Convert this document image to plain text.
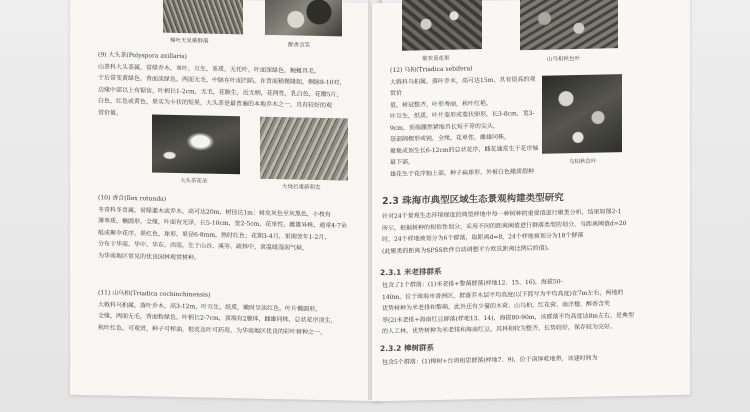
梯叶天星蕨群落
醉香含笑
(9) 大头茶(Polyspora axillaris)
山茶科大头茶属，常绿乔木，单叶，互生，革质，无托叶，叶面深绿色，蜿蜒具毛，
于后常变黄绿色，背面淡绿色，两面无毛，中脉在叶面凹陷，在背面稍微隆起，侧脉8-10对，
边缘中部以上有锯齿，叶柄长1-2cm，无毛，花腋生，近无柄，花两性，乳白色，花瓣5片，
白色，红色或黄色，果实为卡状的短果，大头茶是最普遍的本地乔木之一，具有较好的观
赏价值。
大头茶花朵
火烧后重新萌发
(10) 香合(Ilex rotunda)
冬青科冬青属，常绿灌木或乔木，高可达20m，树径达1m；树皮灰色至灰黑色，小枝有
薄革质，椭圆形，全缘，叶面有光泽，长5-10cm，宽2-5cm，花单性，雌雄异株，通常4-7朵
组成聚伞花序，果红色，球形，果径6-8mm，熟时红色；花期3-4月，果期翌年1-2月，
分布于华南、华中、华东、西南，生于山谷、溪旁、疏林中，喜温暖湿润气候，
为华南地区常见的优良园林观赏树种。
(11) 山乌桕(Triadica cochinchinensis)
大戟科乌桕属，落叶乔木，高3-12m，叶互生，纸质，嫩时呈淡红色，叶片椭圆形，
全缘，两面无毛，背面粉绿色，叶柄长2-7cm，顶端有2腺体，雌雄同株，总状花序顶生，
秋叶红色，可观赏，种子可榨油，根皮及叶可药用，为华南地区优良的彩叶树种之一。
猴欢喜花果	山乌桕秋色叶
(12) 乌桕(Triadica sebifera)
大戟科乌桕属，落叶乔木，高可达15m，具有很高的观赏价
值，树冠整齐，叶形秀丽，秋叶红艳，
叶互生，纸质，叶片菱形或菱状卵形，长3-8cm，宽3-9cm，顶端骤然紧缩具长短不等的尖头，
基部阔楔形或钝，全缘，花单性，雌雄同株，
聚集成顶生长6-12cm的总状花序，雌花通常生于花序轴最下部，
雄花生于花序轴上部，种子扁球形，外被白色蜡质假种皮，

乌桕秋色叶
2.3 珠海市典型区域生态景观构建类型研究
针对24个景观生态环境梯度的典型样地中每一种树种的重要值进行聚类分析，结果如图2-1
所示，根据树种的相似性划分，采用不同的距离阈值进行群落类型的划分，当距离阈值d=20
时，24个样地被划分为6个群落，取距离d=8，24个样地被划分为18个群落
(此聚类的距离为SPSS软件自动调整平方欧氏距离比例后的值)。
2.3.1 米老排群系
包含了1个群落：(1)米老排+黎蒴群落(样地12、15、16)，海拔50-
140m，位于珠海市香洲区，群落乔木层平均高度(以下简写为平均高度)在7m左右，两地的
优势树种为米老排和黎蒴，此外还有少量的木荷、山乌桕、红花荷、南洋楹、醉香含笑
等(2)米老排+海南红豆群落(样地13、14)，海拔80-90m，该群落平均高度达8m左右，是典型
的人工林，优势树种为米老排和海南红豆，其林相较为整齐，长势较好，保存较为完好。
2.3.2 樟树群系
包含5个群落：(1)樟树+台湾相思群落(样地7、9)，位于南屏乾地带，该建时间为
